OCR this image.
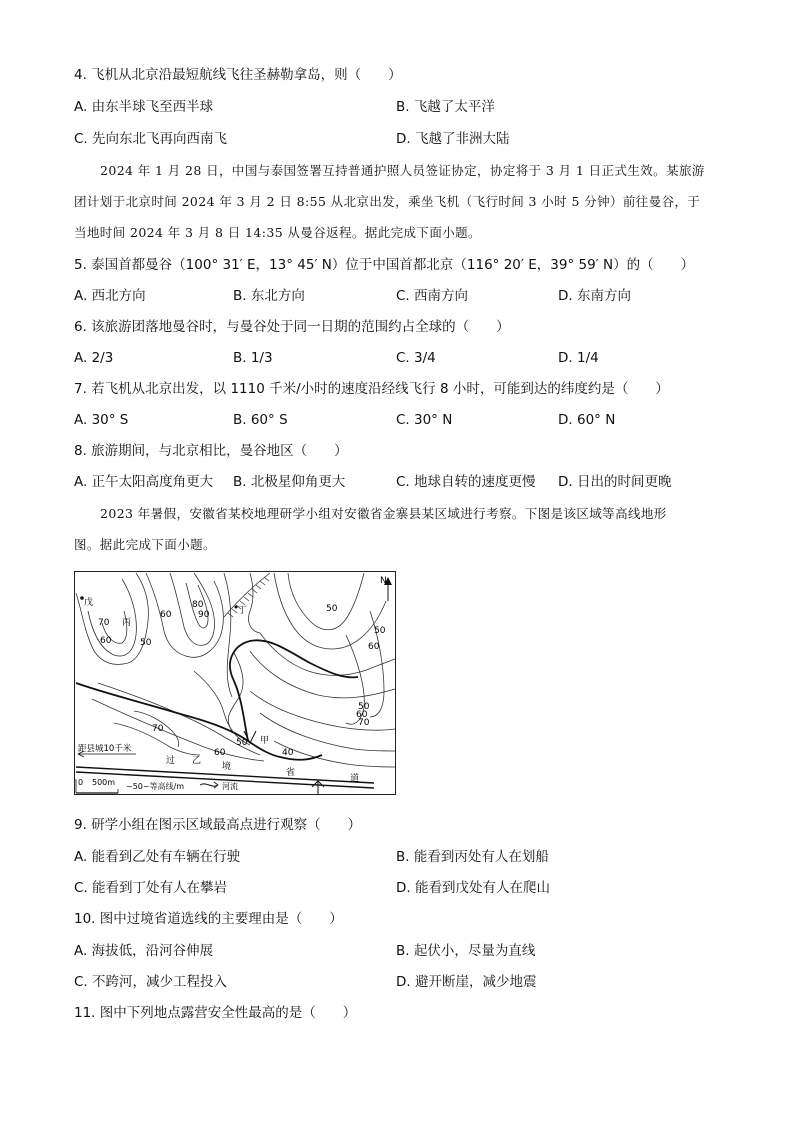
4. 飞机从北京沿最短航线飞往圣赫勒拿岛，则（　　）
A. 由东半球飞至西半球	B. 飞越了太平洋
C. 先向东北飞再向西南飞	D. 飞越了非洲大陆
2024 年 1 月 28 日，中国与泰国签署互持普通护照人员签证协定，协定将于 3 月 1 日正式生效。某旅游
团计划于北京时间 2024 年 3 月 2 日 8:55 从北京出发，乘坐飞机（飞行时间 3 小时 5 分钟）前往曼谷，于
当地时间 2024 年 3 月 8 日 14:35 从曼谷返程。据此完成下面小题。
5. 泰国首都曼谷（100° 31′ E，13° 45′ N）位于中国首都北京（116° 20′ E，39° 59′ N）的（　　）
A. 西北方向	B. 东北方向	C. 西南方向	D. 东南方向
6. 该旅游团落地曼谷时，与曼谷处于同一日期的范围约占全球的（　　）
A. 2/3	B. 1/3	C. 3/4	D. 1/4
7. 若飞机从北京出发，以 1110 千米/小时的速度沿经线飞行 8 小时，可能到达的纬度约是（　　）
A. 30° S	B. 60° S	C. 30° N	D. 60° N
8. 旅游期间，与北京相比，曼谷地区（　　）
A. 正午太阳高度角更大 B. 北极星仰角更大	C. 地球自转的速度更慢 D. 日出的时间更晚
2023 年暑假，安徽省某校地理研学小组对安徽省金寨县某区域进行考察。下图是该区域等高线地形
图。据此完成下面小题。
N
戊
丙
丁
甲
乙
60
80
90
70
50
60
50
50
60
50
60
70
70
60
50
40
过
境
省
道
距县城10千米
0 500m ~50~等高线/m	河流
9. 研学小组在图示区域最高点进行观察（　　）
A. 能看到乙处有车辆在行驶	B. 能看到丙处有人在划船
C. 能看到丁处有人在攀岩	D. 能看到戊处有人在爬山
10. 图中过境省道选线的主要理由是（　　）
A. 海拔低，沿河谷伸展	B. 起伏小，尽量为直线
C. 不跨河，减少工程投入	D. 避开断崖，减少地震
11. 图中下列地点露营安全性最高的是（　　）
